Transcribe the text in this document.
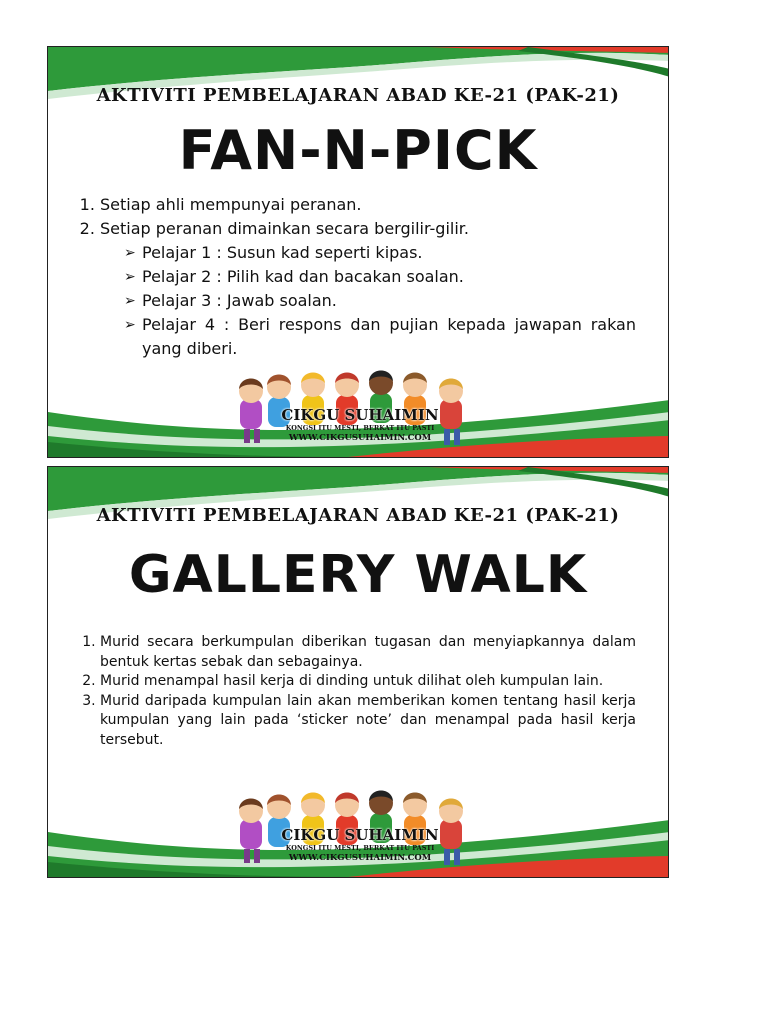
AKTIVITI PEMBELAJARAN ABAD KE-21 (PAK-21)
FAN-N-PICK
1. Setiap ahli mempunyai peranan.
2. Setiap peranan dimainkan secara bergilir-gilir.
➢ Pelajar 1 : Susun kad seperti kipas.
➢ Pelajar 2 : Pilih kad dan bacakan soalan.
➢ Pelajar 3 : Jawab soalan.
➢ Pelajar 4 : Beri respons dan pujian kepada jawapan rakan yang diberi.
CIKGU SUHAIMIN
KONGSI ITU MESTI, BERKAT ITU PASTI
WWW.CIKGUSUHAIMIN.COM
AKTIVITI PEMBELAJARAN ABAD KE-21 (PAK-21)
GALLERY WALK
1. Murid secara berkumpulan diberikan tugasan dan menyiapkannya dalam bentuk kertas sebak dan sebagainya.
2. Murid menampal hasil kerja di dinding untuk dilihat oleh kumpulan lain.
3. Murid daripada kumpulan lain akan memberikan komen tentang hasil kerja kumpulan yang lain pada ‘sticker note’ dan menampal pada hasil kerja tersebut.
CIKGU SUHAIMIN
KONGSI ITU MESTI, BERKAT ITU PASTI
WWW.CIKGUSUHAIMIN.COM
